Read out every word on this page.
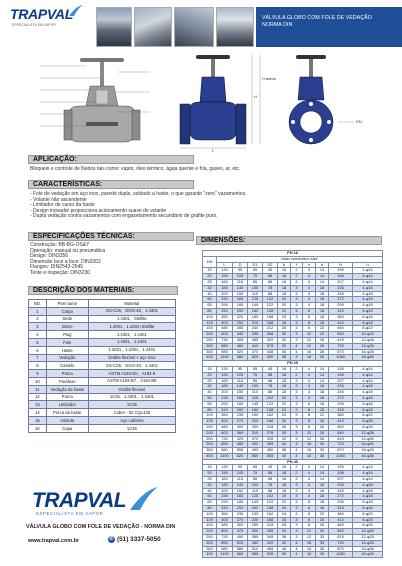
TRAPVAL
ESPECIALISTA EM VAPOR
VÁLVULA GLOBO COM FOLE DE VEDAÇÃO
NORMA DIN
L
H
H aberta
DN
APLICAÇÃO:
Bloqueio e controle de fluidos tais como: vapor, óleo térmico, água quente e fria, gases, ar, etc.
CARACTERÍSTICAS:
- Fole de vedação em aço inox, parede dupla, soldado a haste, o que garante "zero" vazamentos.
- Volante não ascendente
- Limitador de curso da haste
- Design inovador proporciona acionamento suave do volante
- Dupla vedação contra vazamentos com engaxetamento secundário de grafite puro.
ESPECIFICAÇÕES TÉCNICAS:
Construção: BB-BG-OS&Y
Operação: manual ou pneumática
Design: DIN3356
Dimensão face a face: DIN3202
Flanges: DIN2543-2545
Teste e inspeção: DIN3230
DESCRIÇÃO DOS MATERIAIS:
NO.	Part name	Material
1	Corpo	GS-C25、GGG-40、1.4401
2	Sede	1.4301、Stellite
3	Disco	1.4021、1.4301+Stellite
4	Plug	1.4301、1.4401
5	Fole	1.4301、1.4401
6	Haste	1.4021、1.4301、1.4401
7	Vedação	Grafite flexível + aço inox
8	Castelo	GS-C25、GGG-40、1.4401
9	Porca	ASTM A194-2H、A194-8
10	Parafuso	ASTM A193-B7、A194-B8
11	Vedação da haste	Grafite flexível
12	Porca	1C25、1.4301、1.4401
13	Limitador	1C25
14	Porca da haste	Cobre - 02 CQL420
15	Volante	Aço carbono
16	Capa	1C45
DIMENSÕES:
PN 16										
DN	Main connection size									
	L	D	D1	D2	b	f	n	d	H	h
15	130	95	65	45	16	2	4	14	195	4-φ14
20	150	105	75	58	18	2	4	14	196	4-φ14
25	160	115	85	68	18	3	4	14	207	4-φ14
32	180	140	100	78	18	3	4	18	226	4-φ18
40	200	150	110	88	18	3	4	18	245	4-φ18
50	230	165	125	102	20	3	4	18	272	4-φ18
65	290	185	145	122	20	3	4	18	295	4-φ18
80	310	200	160	138	22	3	8	18	315	8-φ18
100	350	220	180	158	24	3	8	18	360	8-φ18
125	400	250	210	188	26	3	8	18	410	8-φ18
150	480	285	240	212	26	3	8	22	460	8-φ22
200	600	340	295	268	30	3	12	22	540	12-φ22
250	730	405	355	320	32	3	12	26	615	12-φ26
300	850	460	410	378	32	4	12	26	720	12-φ26
350	980	520	470	438	36	4	16	26	870	16-φ26
400	1100	580	525	490	38	4	16	30	1060	16-φ30
PN 25										
15	130	95	65	45	16	2	4	14	195	4-φ14
20	150	105	75	58	18	2	4	14	196	4-φ14
25	160	115	85	68	18	3	4	14	207	4-φ14
32	180	140	100	78	18	3	4	18	226	4-φ18
40	200	150	110	88	18	3	4	18	245	4-φ18
50	230	165	125	102	20	3	4	18	272	4-φ18
65	290	185	145	122	22	3	8	18	295	8-φ18
80	310	200	160	138	24	3	8	18	315	8-φ18
100	350	235	190	162	24	3	8	22	360	8-φ22
125	400	270	220	188	26	3	8	26	410	8-φ26
150	480	300	250	218	28	3	8	26	460	8-φ26
200	600	360	310	278	30	3	12	26	540	12-φ26
250	730	425	370	335	32	3	12	30	615	12-φ30
300	850	485	430	395	34	4	16	30	720	16-φ30
350	980	555	490	450	38	4	16	33	870	16-φ33
400	1100	620	550	505	40	4	16	36	1060	16-φ36
PN 40										
15	130	95	65	45	16	2	4	14	195	4-φ14
20	150	105	75	58	18	2	4	14	196	4-φ14
25	160	115	85	68	18	3	4	14	207	4-φ14
32	180	140	100	78	18	3	4	18	226	4-φ18
40	200	150	110	88	18	3	4	18	245	4-φ18
50	230	165	125	102	20	3	4	18	272	4-φ18
65	290	185	145	122	22	3	8	18	295	8-φ18
80	310	200	160	138	24	3	8	18	315	8-φ18
100	350	235	190	162	24	3	8	22	360	8-φ22
125	400	270	220	188	26	3	8	26	410	8-φ26
150	480	300	250	218	28	3	8	26	460	8-φ26
200	600	375	320	285	34	3	12	30	540	12-φ30
250	730	450	385	345	38	3	12	33	615	12-φ33
300	850	515	450	410	42	4	16	33	720	16-φ33
350	980	580	510	465	46	4	16	36	870	16-φ36
400	1100	660	585	535	50	4	16	39	1060	16-φ39
TRAPVAL
ESPECIALISTA EM VAPOR
VÁLVULA GLOBO COM FOLE DE VEDAÇÃO - NORMA DIN
www.trapval.com.br	✆ (51) 3337-5050
